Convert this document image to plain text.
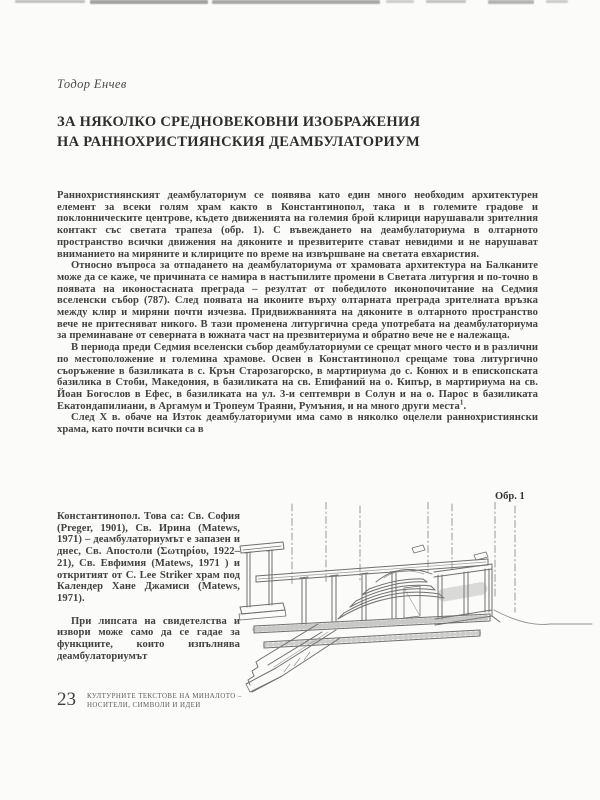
Тодор Енчев
ЗА НЯКОЛКО СРЕДНОВЕКОВНИ ИЗОБРАЖЕНИЯ
НА РАННОХРИСТИЯНСКИЯ ДЕАМБУЛАТОРИУМ

Раннохристиянският деамбулаториум се появява като един много необходим архитектурен елемент за всеки голям храм както в Константинопол, така и в големите градове и поклонническите центрове, където движенията на големия брой клирици нарушавали зрителния контакт със светата трапеза (обр. 1). С въвеждането на деамбулаториума в олтарното пространство всички движения на дяконите и презвитерите стават невидими и не нарушават вниманието на миряните и клириците по време на извършване на светата евхаристия.

Относно въпроса за отпадането на деамбулаториума от храмовата архитектура на Балканите може да се каже, че причината се намира в настъпилите промени в Светата литургия и по-точно в появата на иконостасната преграда – резултат от победилото иконопочитание на Седмия вселенски събор (787). След появата на иконите върху олтарната преграда зрителната връзка между клир и миряни почти изчезва. Придвижванията на дяконите в олтарното пространство вече не притесняват никого. В тази променена литургична среда употребата на деамбулаториума за преминаване от северната в южната част на презвитериума и обратно вече не е належаща.

В периода преди Седмия вселенски събор деамбулаториуми се срещат много често и в различни по местоположение и големина храмове. Освен в Константинопол срещаме това литургично съоръжение в базиликата в с. Крън Старозагорско, в мартириума до с. Конюх и в епископската базилика в Стоби, Македония, в базиликата на св. Епифаний на о. Кипър, в мартириума на св. Йоан Богослов в Ефес, в базиликата на ул. 3-и септември в Солун и на о. Парос в базиликата Екатондапилиани, в Аргамум и Тропеум Траяни, Румъния, и на много други места$^1$.

След X в. обаче на Изток деамбулаториуми има само в няколко оцелели раннохристиянски храма, като почти всички са в

Константинопол. Това са: Св. София (Preger, 1901), Св. Ирина (Matews, 1971) – деамбулаториумът е запазен и днес, Св. Апостоли (Σωτηρίου, 1922–21), Св. Евфимия (Matews, 1971 ) и откритият от C. Lee Striker храм под Календер Хане Джамиси (Matews, 1971).

При липсата на свидетелства и извори може само да се гадае за функциите, които изпълнява деамбулаториумът

Обр. 1
23 КУЛТУРНИТЕ ТЕКСТОВЕ НА МИНАЛОТО –
НОСИТЕЛИ, СИМВОЛИ И ИДЕИ
